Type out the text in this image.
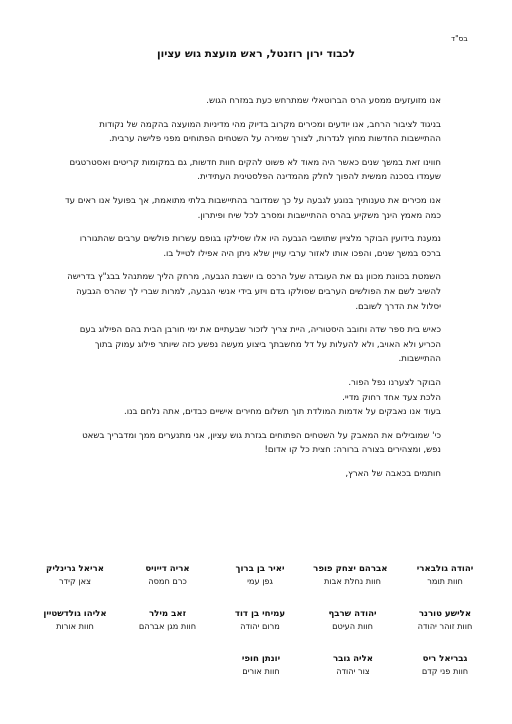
בס"ד
לכבוד ירון רוזנטל, ראש מועצת גוש עציון

אנו מזועזעים ממסע הרס הברוטאלי שמתרחש כעת במזרח הגוש.

בניגוד לציבור הרחב, אנו יודעים ומכירים מקרוב בדיוק מהי מדיניות המועצה בהקמה של נקודות ההתיישבות החדשות מחוץ לגדרות, לצורך שמירה על השטחים הפתוחים מפני פלישה ערבית.

חווינו זאת במשך שנים כאשר היה מאוד לא פשוט להקים חוות חדשות, גם במקומות קריטים ואסטרטגים שעמדו בסכנה ממשית להפוך לחלק מהמדינה הפלסטינית העתידית.

אנו מכירים את טענותיך בנוגע לגבעה על כך שמדובר בהתיישבות בלתי מתואמת, אך בפועל אנו ראים עד כמה מאמץ הינך משקיע בהרס ההתיישבות ומסרב לכל שיח ופיתרון.

נמענת בידועין הבוקר מלציין שתושבי הגבעה היו אלו שסילקו בגופם עשרות פולשים ערבים שהתגוררו ברכס במשך שנים, והפכו אותו לאזור ערבי עויין שלא ניתן היה אפילו לטייל בו.

השמטת בכוונת מכוון גם את העובדה שעל הרכס בו יושבת הגבעה, מרחק הליך שמתנהל בבג"ץ בדרישה להשיב לשם את הפולשים הערבים שסולקו בדם ויזע בידי אנשי הגבעה, למרות שברי לך שהרס הגבעה יסלול את הדרך לשובם.

כאיש בית ספר שדה וחובב היסטוריה, היית צריך לזכור שבעתיים את ימי חורבן הבית בהם הפילוג בעם הכריע ולא האויב, ולא להעלות על דל מחשבתך ביצוע מעשה נפשע כזה שיותר פילוג עמוק בתוך ההתיישבות.

הבוקר לצערנו נפל הפור.
הלכת צעד אחד רחוק מדיי.
בעוד אנו נאבקים על אדמות המולדת תוך תשלום מחירים אישיים כבדים, אתה נלחם בנו.

כי' שמובילים את המאבק על השטחים הפתוחים בגזרת גוש עציון, אני מתנערים ממך ומדבריך בשאט נפש, ומצהירים בצורה ברורה: חצית כל קו אדום!

חותמים בכאבה של הארץ,

יהודה גולבארי
חוות תומר
אברהם יצחק פופר
חוות נחלת אבות
יאיר בן ברוך
גפן עמי
אריה דייויס
כרם חמסה
אריאל גרינליק
צאן קידר
אלישע טורנר
חוות זוהר יהודה
יהודה שרבף
חוות העיטם
עמיחי בן דוד
מרום יהודה
זאב מילר
חוות מגן אברהם
אליהו גולדשטיין
חוות אורות
גבריאל ריס
חוות פני קדם
אליה גובר
צור יהודה
יונתן חופי
חוות אורים
